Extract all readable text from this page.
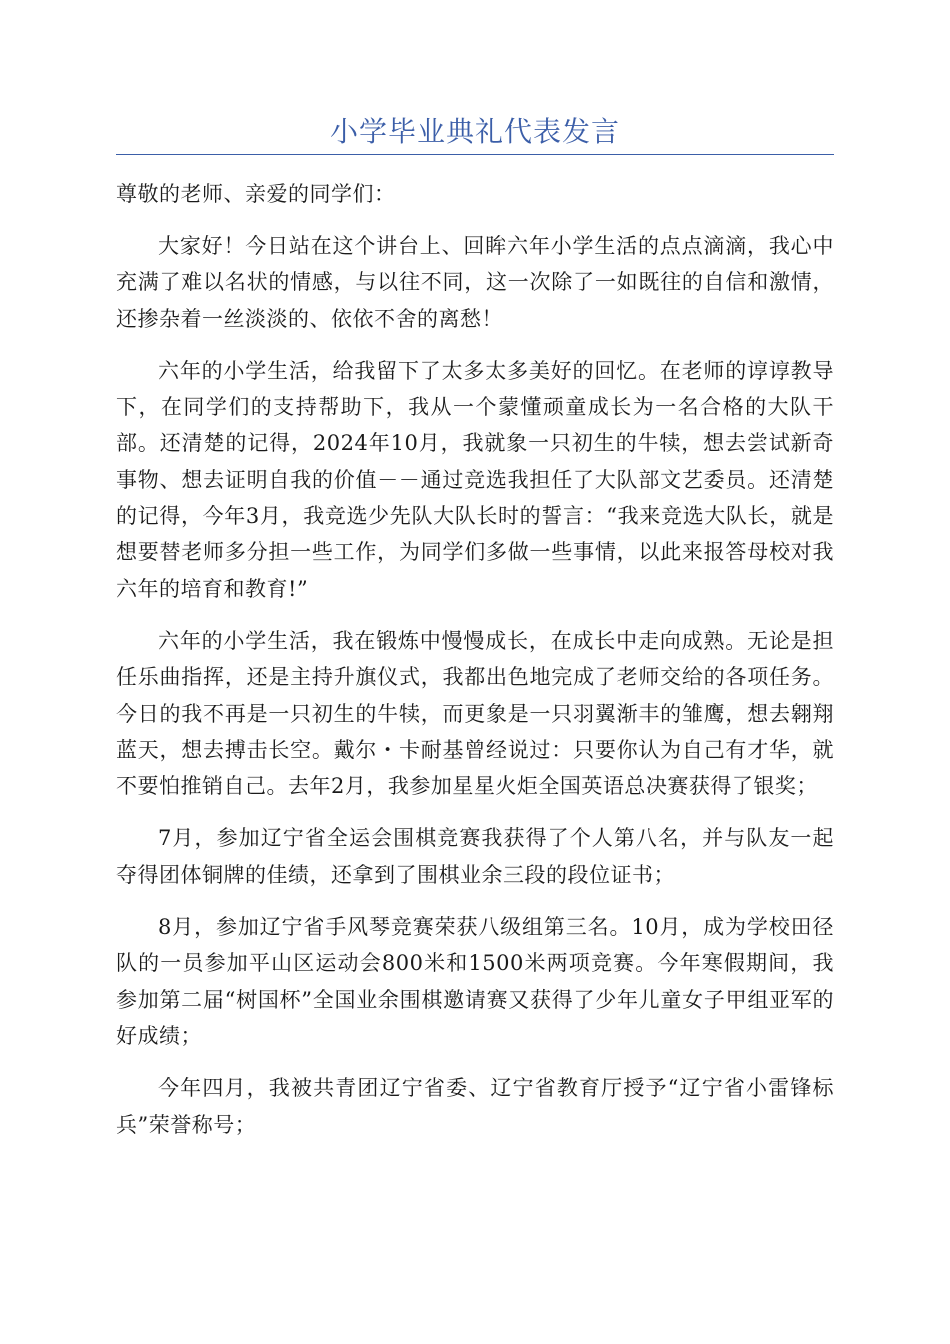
小学毕业典礼代表发言

尊敬的老师、亲爱的同学们：

大家好！今日站在这个讲台上、回眸六年小学生活的点点滴滴，我心中充满了难以名状的情感，与以往不同，这一次除了一如既往的自信和激情，还掺杂着一丝淡淡的、依依不舍的离愁！

六年的小学生活，给我留下了太多太多美好的回忆。在老师的谆谆教导下，在同学们的支持帮助下，我从一个蒙懂顽童成长为一名合格的大队干部。还清楚的记得，2024年10月，我就象一只初生的牛犊，想去尝试新奇事物、想去证明自我的价值－－通过竞选我担任了大队部文艺委员。还清楚的记得，今年3月，我竞选少先队大队长时的誓言：“我来竞选大队长，就是想要替老师多分担一些工作，为同学们多做一些事情，以此来报答母校对我六年的培育和教育!”

六年的小学生活，我在锻炼中慢慢成长，在成长中走向成熟。无论是担任乐曲指挥，还是主持升旗仪式，我都出色地完成了老师交给的各项任务。今日的我不再是一只初生的牛犊，而更象是一只羽翼渐丰的雏鹰，想去翱翔蓝天，想去搏击长空。戴尔・卡耐基曾经说过：只要你认为自己有才华，就不要怕推销自己。去年2月，我参加星星火炬全国英语总决赛获得了银奖；

7月，参加辽宁省全运会围棋竞赛我获得了个人第八名，并与队友一起夺得团体铜牌的佳绩，还拿到了围棋业余三段的段位证书；

8月，参加辽宁省手风琴竞赛荣获八级组第三名。10月，成为学校田径队的一员参加平山区运动会800米和1500米两项竞赛。今年寒假期间，我参加第二届“树国杯”全国业余围棋邀请赛又获得了少年儿童女子甲组亚军的好成绩；

今年四月，我被共青团辽宁省委、辽宁省教育厅授予“辽宁省小雷锋标兵”荣誉称号；
